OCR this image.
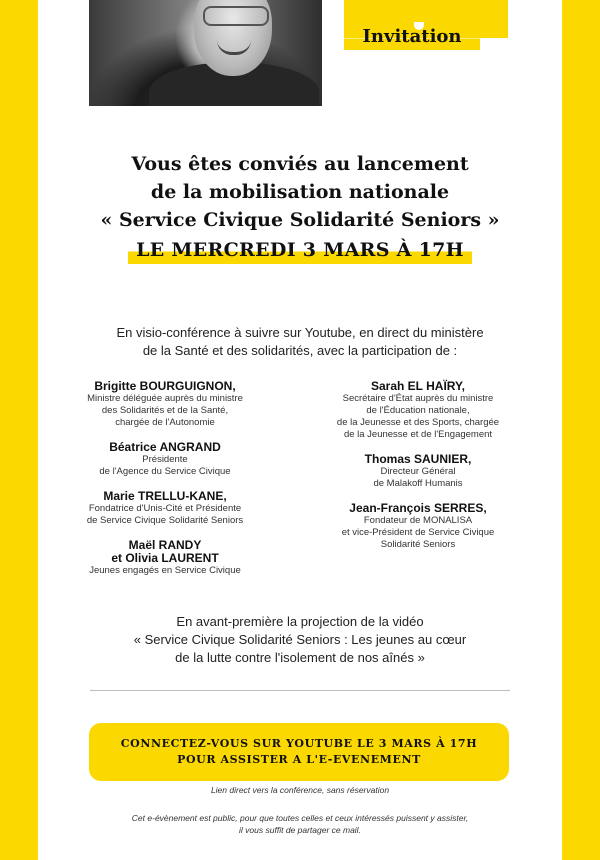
Invitation
Vous êtes conviés au lancement
de la mobilisation nationale
« Service Civique Solidarité Seniors »
LE MERCREDI 3 MARS À 17H
En visio-conférence à suivre sur Youtube, en direct du ministère
de la Santé et des solidarités, avec la participation de :
Brigitte BOURGUIGNON,
Ministre déléguée auprès du ministre
des Solidarités et de la Santé,
chargée de l'Autonomie
Béatrice ANGRAND
Présidente
de l'Agence du Service Civique
Marie TRELLU-KANE,
Fondatrice d'Unis-Cité et Présidente
de Service Civique Solidarité Seniors
Maël RANDY
et Olivia LAURENT
Jeunes engagés en Service Civique
Sarah EL HAÏRY,
Secrétaire d'État auprès du ministre
de l'Éducation nationale,
de la Jeunesse et des Sports, chargée
de la Jeunesse et de l'Engagement
Thomas SAUNIER,
Directeur Général
de Malakoff Humanis
Jean-François SERRES,
Fondateur de MONALISA
et vice-Président de Service Civique
Solidarité Seniors
En avant-première la projection de la vidéo
« Service Civique Solidarité Seniors : Les jeunes au cœur
de la lutte contre l'isolement de nos aînés »
CONNECTEZ-VOUS SUR YOUTUBE LE 3 MARS À 17H
POUR ASSISTER A L'E-EVENEMENT
Lien direct vers la conférence, sans réservation
Cet e-évènement est public, pour que toutes celles et ceux intéressés puissent y assister,
il vous suffit de partager ce mail.
